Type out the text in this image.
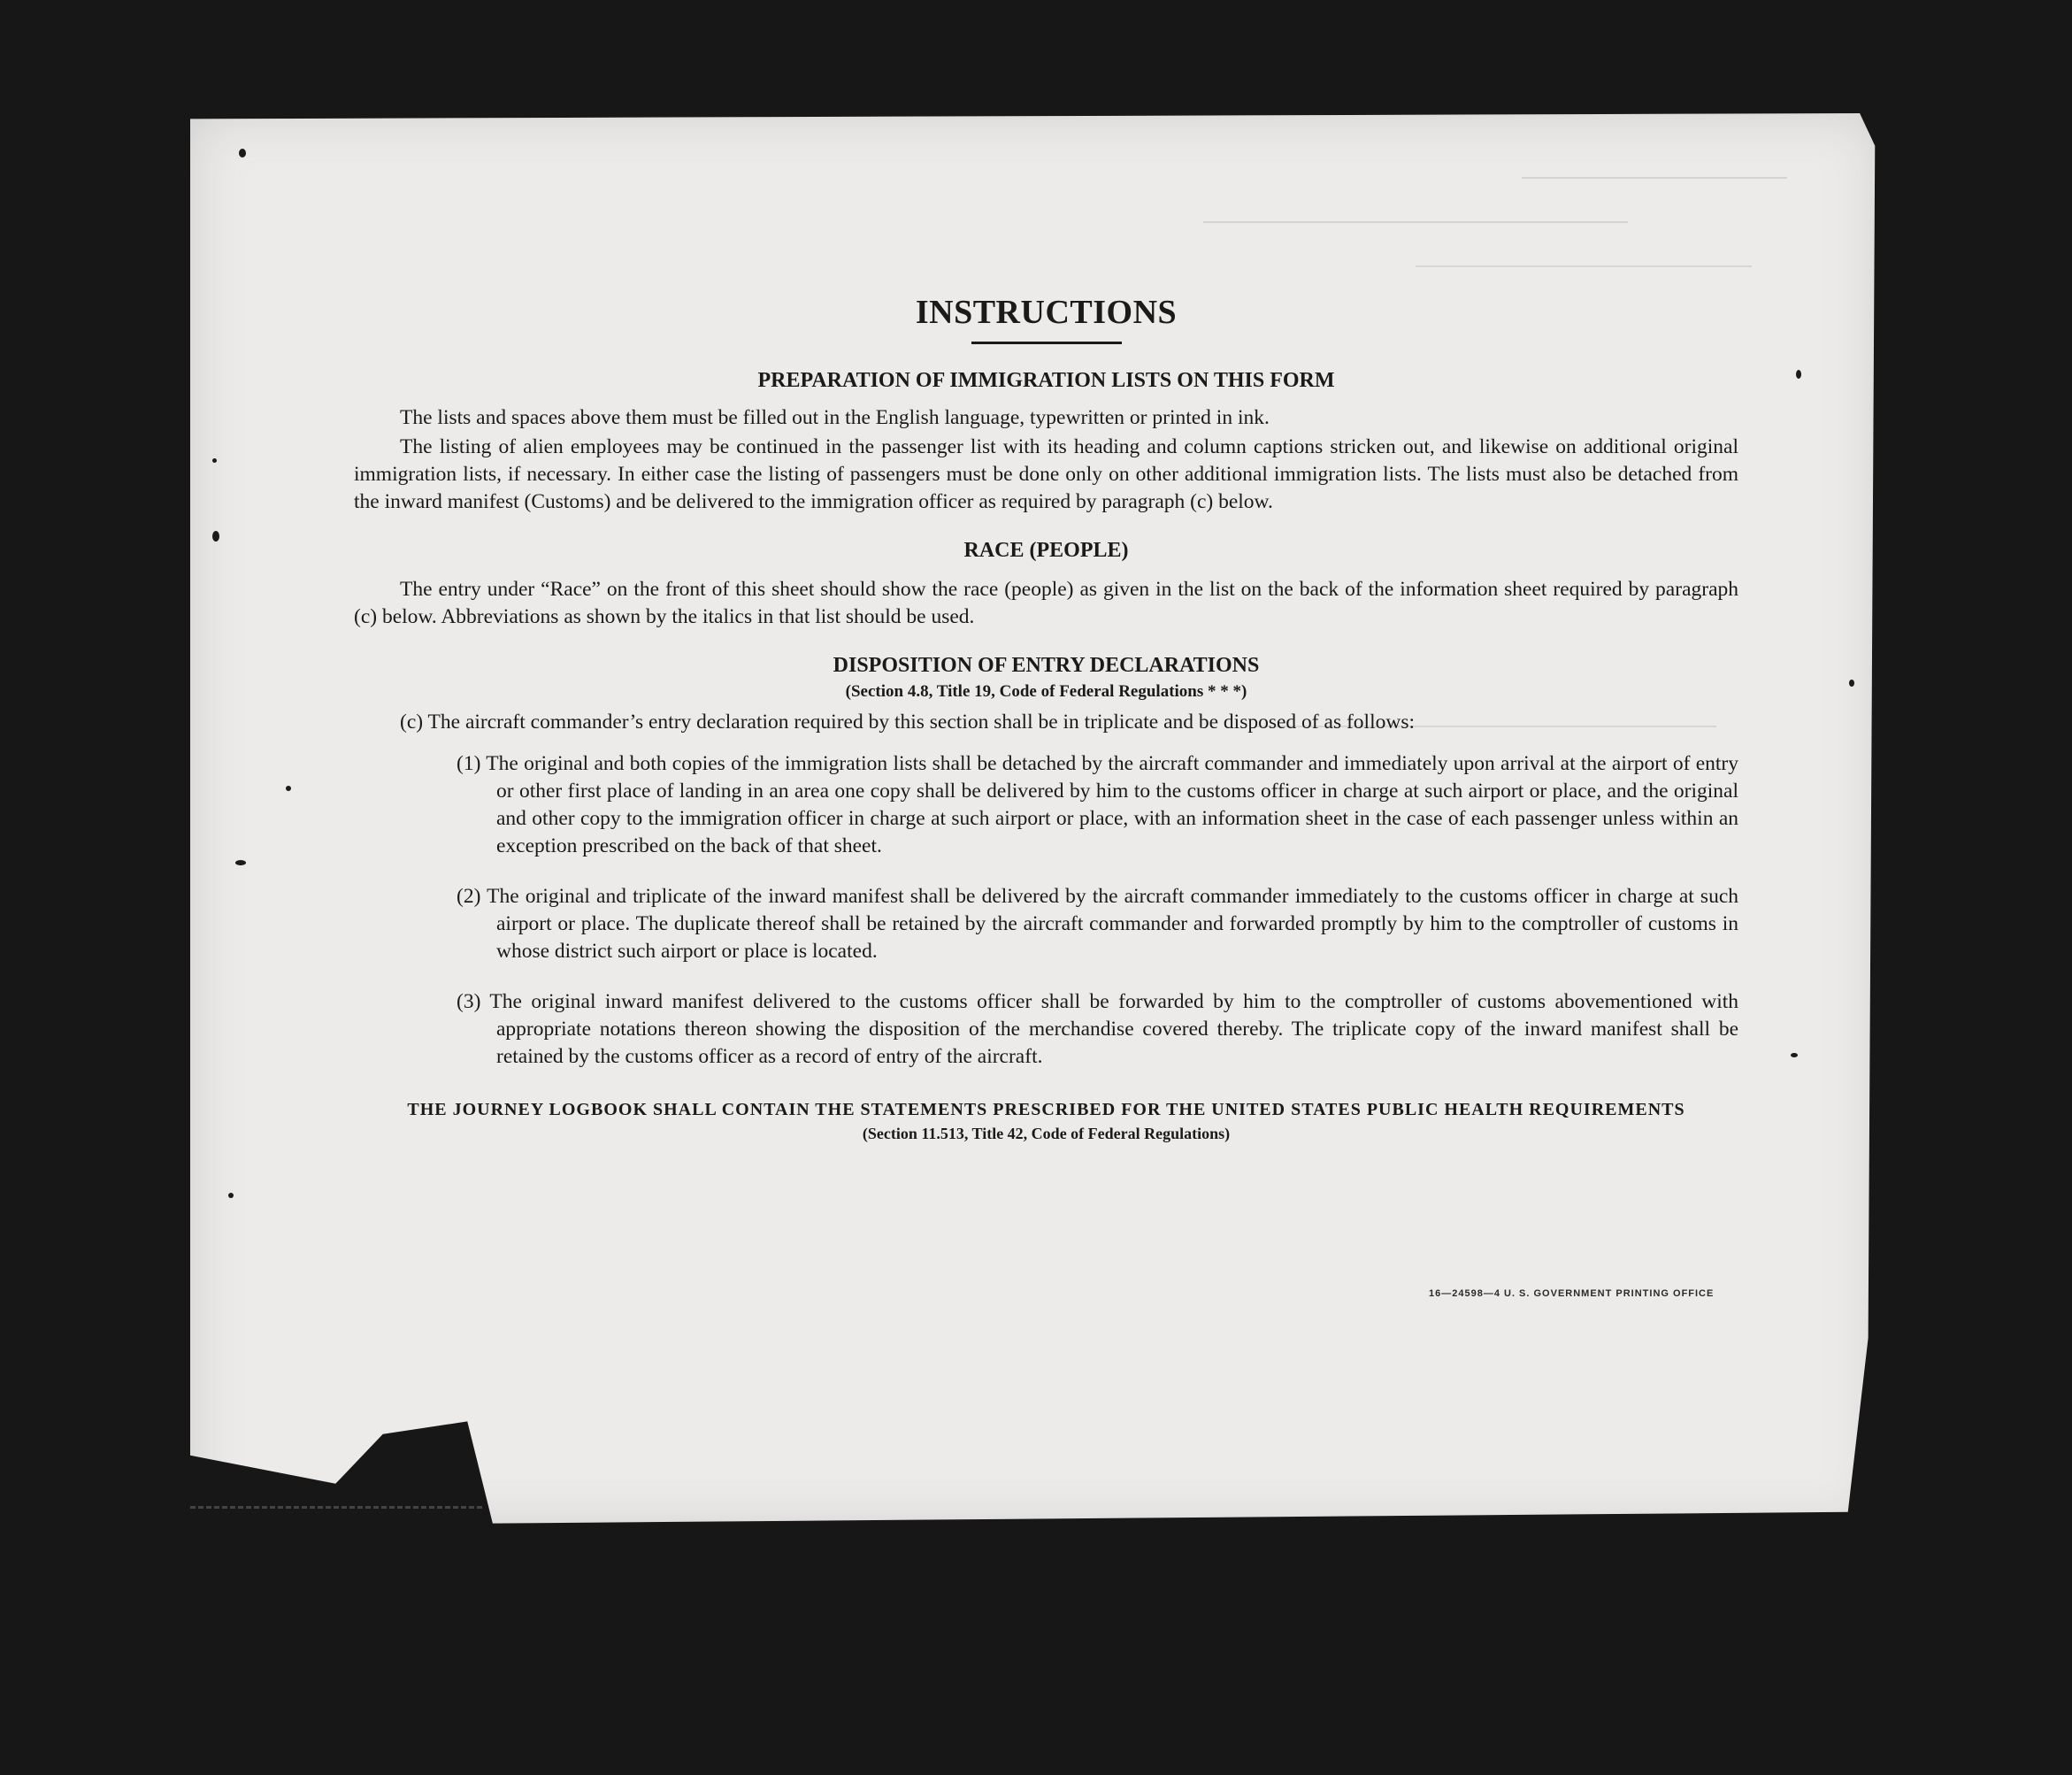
INSTRUCTIONS
PREPARATION OF IMMIGRATION LISTS ON THIS FORM

The lists and spaces above them must be filled out in the English language, typewritten or printed in ink.

The listing of alien employees may be continued in the passenger list with its heading and column captions stricken out, and likewise on additional original immigration lists, if necessary. In either case the listing of passengers must be done only on other additional immigration lists. The lists must also be detached from the inward manifest (Customs) and be delivered to the immigration officer as required by paragraph (c) below.

RACE (PEOPLE)

The entry under “Race” on the front of this sheet should show the race (people) as given in the list on the back of the information sheet required by paragraph (c) below. Abbreviations as shown by the italics in that list should be used.

DISPOSITION OF ENTRY DECLARATIONS
(Section 4.8, Title 19, Code of Federal Regulations * * *)

(c) The aircraft commander’s entry declaration required by this section shall be in triplicate and be disposed of as follows:

(1) The original and both copies of the immigration lists shall be detached by the aircraft commander and immediately upon arrival at the airport of entry or other first place of landing in an area one copy shall be delivered by him to the customs officer in charge at such airport or place, and the original and other copy to the immigration officer in charge at such airport or place, with an information sheet in the case of each passenger unless within an exception prescribed on the back of that sheet.
(2) The original and triplicate of the inward manifest shall be delivered by the aircraft commander immediately to the customs officer in charge at such airport or place. The duplicate thereof shall be retained by the aircraft commander and forwarded promptly by him to the comptroller of customs in whose district such airport or place is located.
(3) The original inward manifest delivered to the customs officer shall be forwarded by him to the comptroller of customs abovementioned with appropriate notations thereon showing the disposition of the merchandise covered thereby. The triplicate copy of the inward manifest shall be retained by the customs officer as a record of entry of the aircraft.
THE JOURNEY LOGBOOK SHALL CONTAIN THE STATEMENTS PRESCRIBED FOR THE UNITED STATES PUBLIC HEALTH REQUIREMENTS
(Section 11.513, Title 42, Code of Federal Regulations)
16—24598—4 U. S. GOVERNMENT PRINTING OFFICE
